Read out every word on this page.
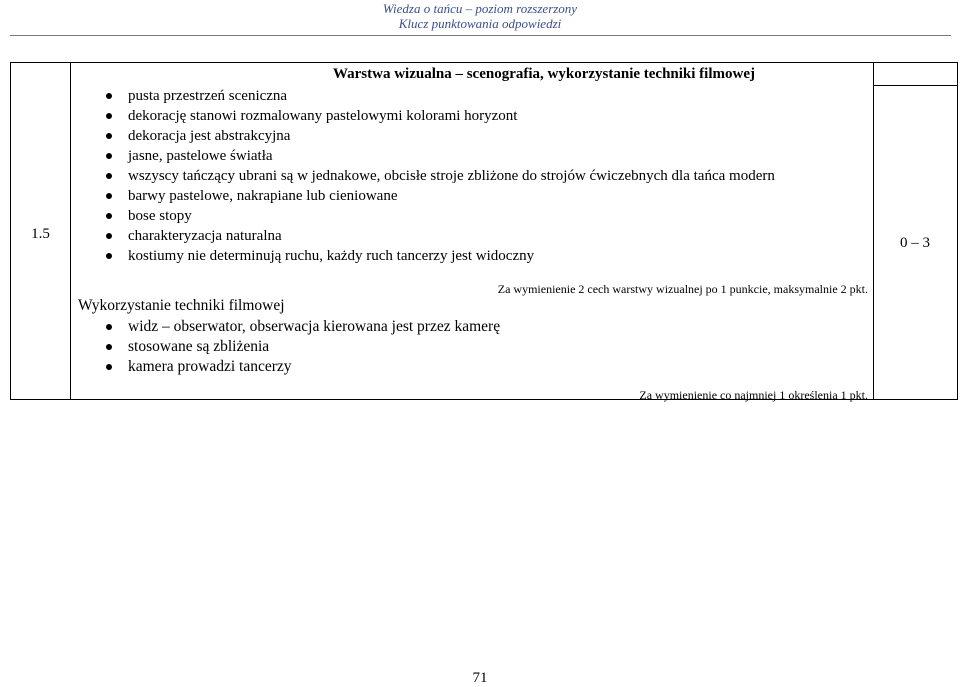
Wiedza o tańcu – poziom rozszerzony
Klucz punktowania odpowiedzi
1.5
0 – 3
Warstwa wizualna – scenografia, wykorzystanie techniki filmowej
pusta przestrzeń sceniczna
dekorację stanowi rozmalowany pastelowymi kolorami horyzont
dekoracja jest abstrakcyjna
jasne, pastelowe światła
wszyscy tańczący ubrani są w jednakowe, obcisłe stroje zbliżone do strojów ćwiczebnych dla tańca modern
barwy pastelowe, nakrapiane lub cieniowane
bose stopy
charakteryzacja naturalna
kostiumy nie determinują ruchu, każdy ruch tancerzy jest widoczny
Za wymienienie 2 cech warstwy wizualnej po 1 punkcie, maksymalnie 2 pkt.
Wykorzystanie techniki filmowej
widz – obserwator, obserwacja kierowana jest przez kamerę
stosowane są zbliżenia
kamera prowadzi tancerzy
Za wymienienie co najmniej 1 określenia 1 pkt.
71
